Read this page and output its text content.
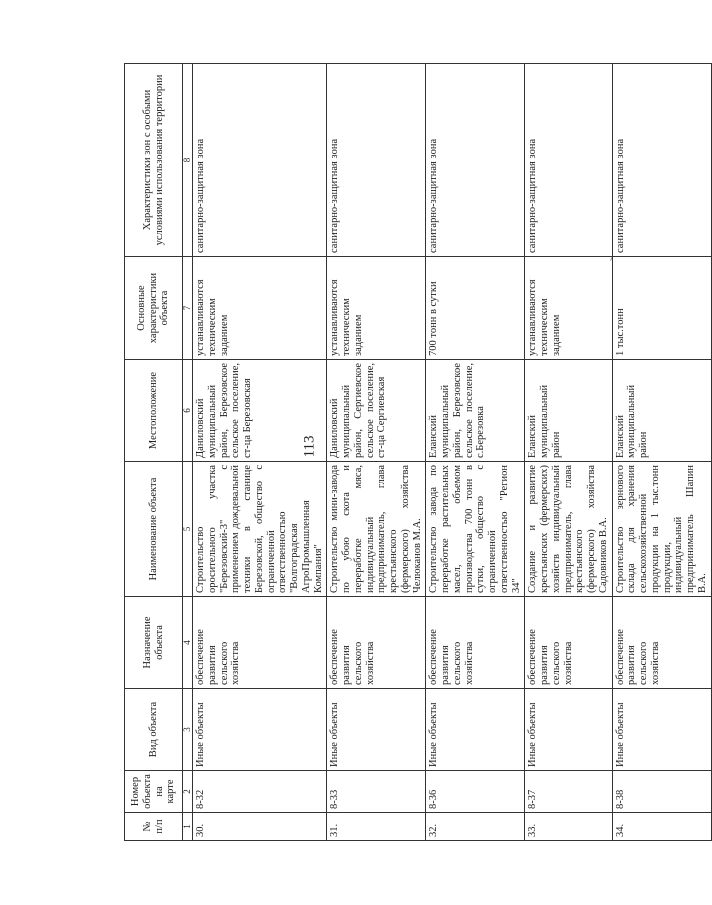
113
№ п/п	Номер объекта на карте	Вид объекта	Назначение объекта	Наименование объекта	Местоположение	Основные характеристики объекта	Характеристики зон с особыми условиями использования территории
1	2	3	4	5	6	7	8
30.	8-32	Иные объекты	обеспечение развития сельского хозяйства	Строительство оросительного участка "Березовский-3" с применением дождевальной техники в станице Березовской, общество с ограниченной ответственностью "Волгоградская АгроПромышленная Компания"	Даниловский муниципальный район, Березовское сельское поселение, ст-ца Березовская	устанавливаются техническим заданием	санитарно-защитная зона
31.	8-33	Иные объекты	обеспечение развития сельского хозяйства	Строительство мини-завода по убою скота и переработке мяса, индивидуальный предприниматель, глава крестьянского (фермерского) хозяйства Челюканов М.А.	Даниловский муниципальный район, Сергиевское сельское поселение, ст-ца Сергиевская	устанавливаются техническим заданием	санитарно-защитная зона
32.	8-36	Иные объекты	обеспечение развития сельского хозяйства	Строительство завода по переработке растительных масел, объемом производства 700 тонн в сутки, общество с ограниченной ответственностью "Регион 34"	Еланский муниципальный район, Березовское сельское поселение, с.Березовка	700 тонн в сутки	санитарно-защитная зона
33.	8-37	Иные объекты	обеспечение развития сельского хозяйства	Создание и развитие крестьянских (фермерских) хозяйств индивидуальный предприниматель, глава крестьянского (фермерского) хозяйства Садовников В.А.	Еланский муниципальный район	устанавливаются техническим заданием	санитарно-защитная зона
34.	8-38	Иные объекты	обеспечение развития сельского хозяйства	Строительство зернового склада для хранения сельскохозяйственной продукции на 1 тыс.тонн продукции, индивидуальный предприниматель Шапин В.А.	Еланский муниципальный район	1 тыс.тонн	санитарно-защитная зона
